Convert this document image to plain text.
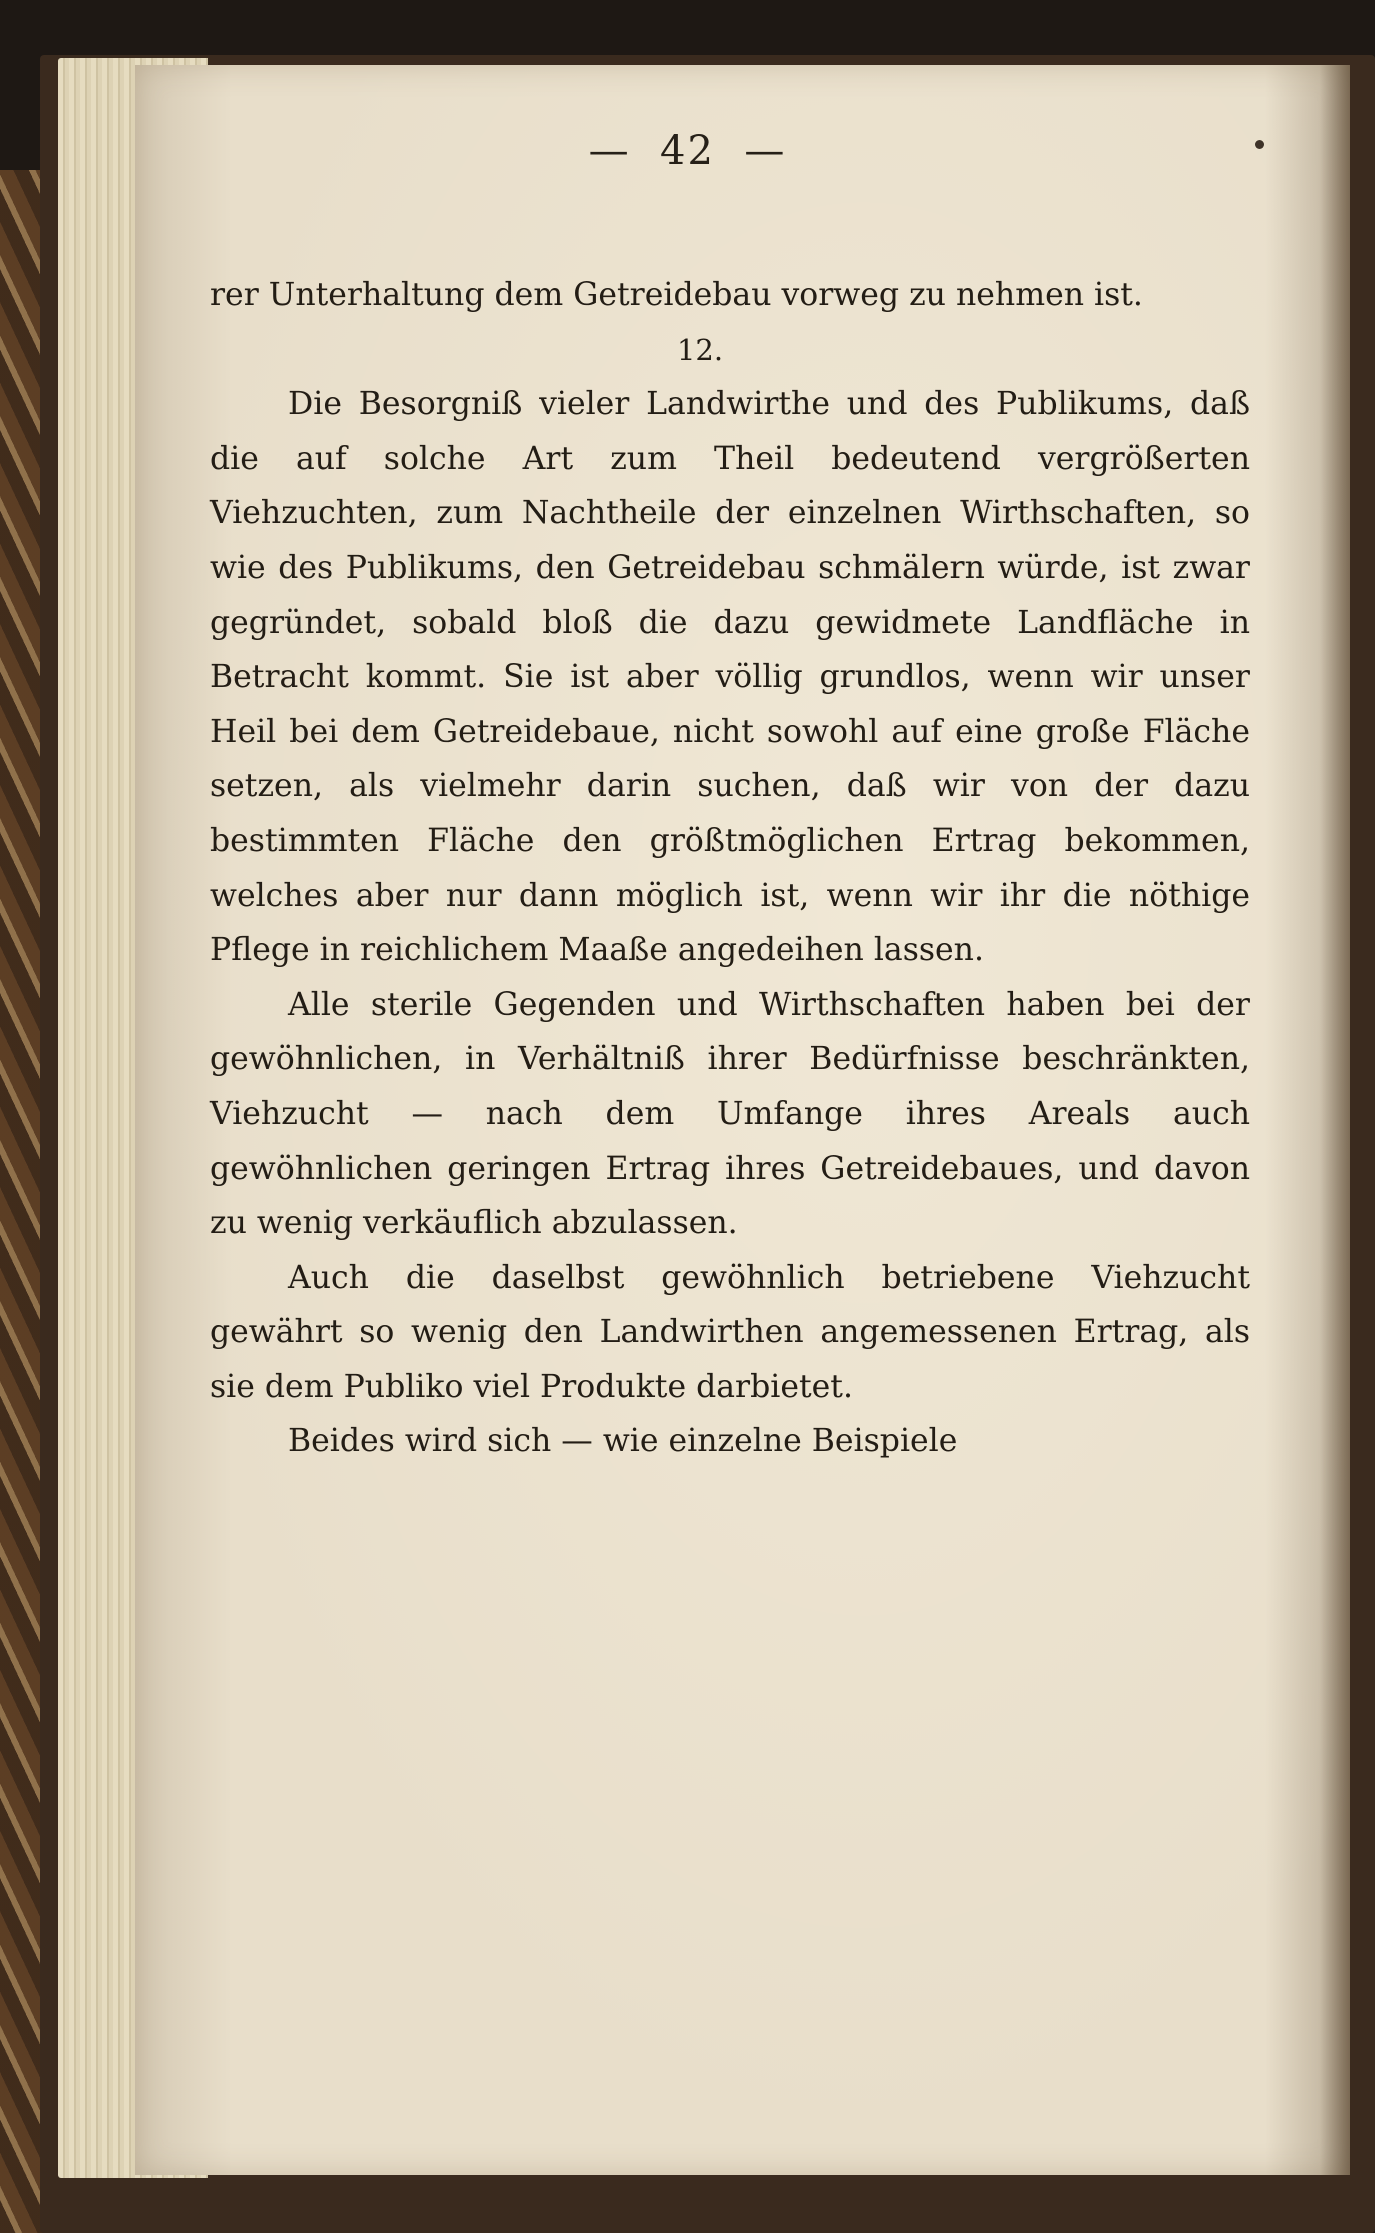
—  42  —

rer Unterhaltung dem Getreidebau vorweg zu nehmen ist.

12.

Die Besorgniß vieler Landwirthe und des Publikums, daß die auf solche Art zum Theil bedeutend vergrößerten Viehzuchten, zum Nachtheile der einzelnen Wirthschaften, so wie des Publikums, den Getreidebau schmälern würde, ist zwar gegründet, sobald bloß die dazu gewidmete Landfläche in Betracht kommt. Sie ist aber völlig grundlos, wenn wir unser Heil bei dem Getreidebaue, nicht sowohl auf eine große Fläche setzen, als vielmehr darin suchen, daß wir von der dazu bestimmten Fläche den größtmöglichen Ertrag bekommen, welches aber nur dann möglich ist, wenn wir ihr die nöthige Pflege in reichlichem Maaße angedeihen lassen.

Alle sterile Gegenden und Wirthschaften haben bei der gewöhnlichen, in Verhältniß ihrer Bedürfnisse beschränkten, Viehzucht — nach dem Umfange ihres Areals auch gewöhnlichen geringen Ertrag ihres Getreidebaues, und davon zu wenig verkäuflich abzulassen.

Auch die daselbst gewöhnlich betriebene Viehzucht gewährt so wenig den Landwirthen angemessenen Ertrag, als sie dem Publiko viel Produkte darbietet.

Beides wird sich — wie einzelne Beispiele
